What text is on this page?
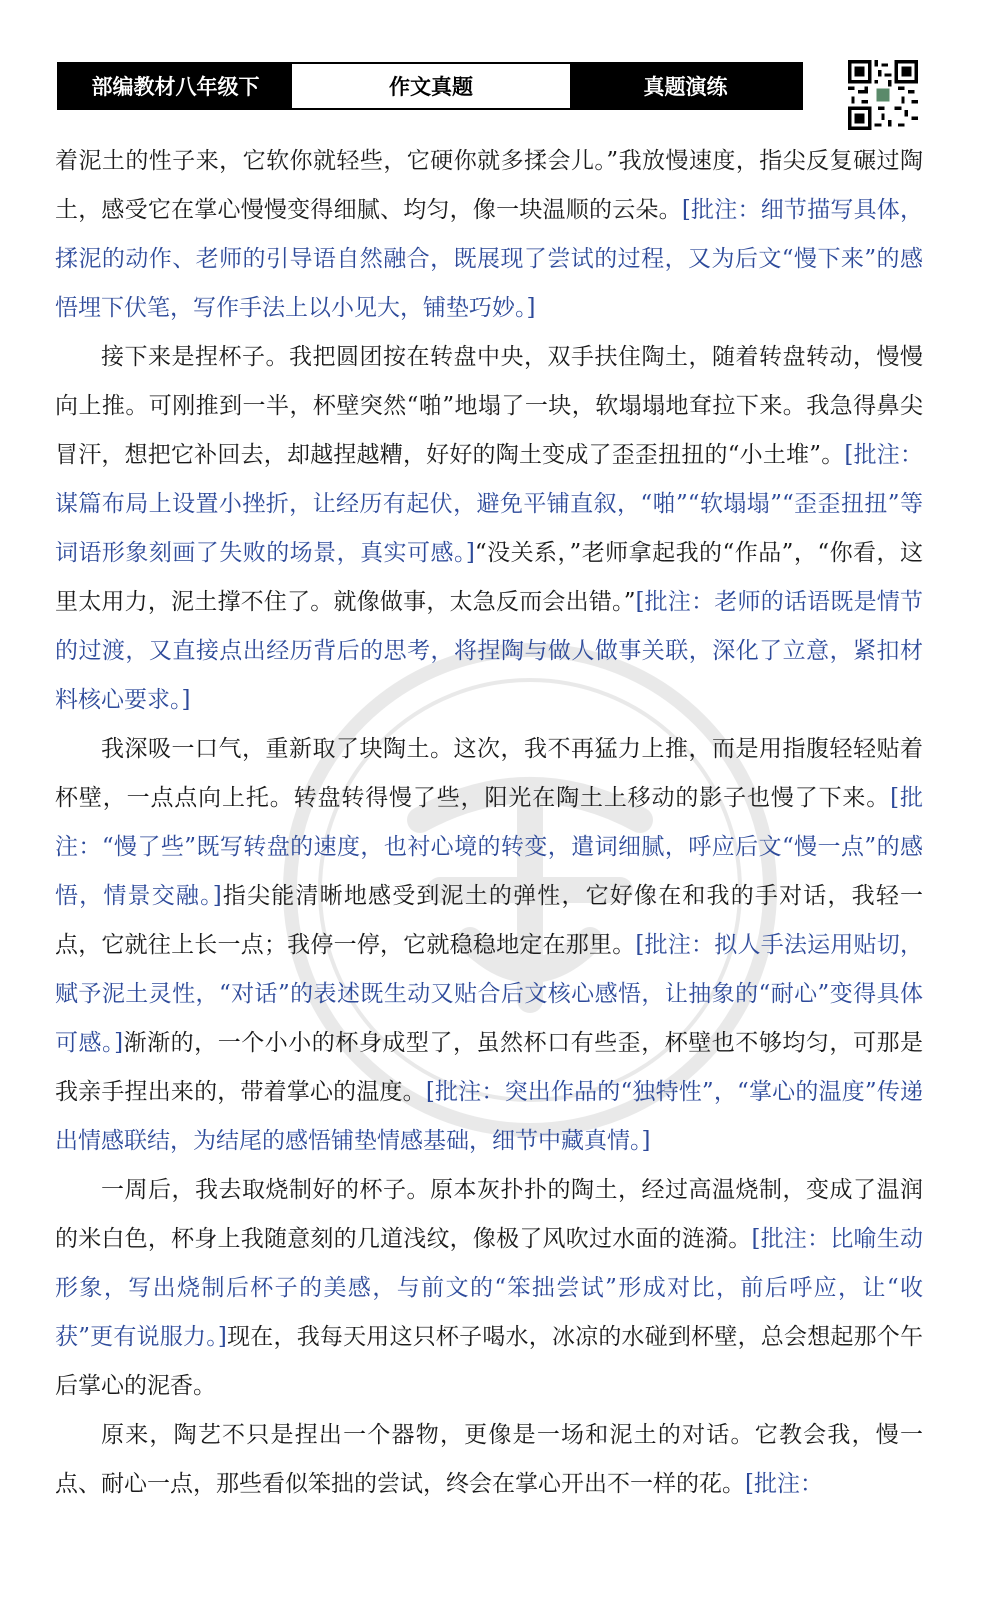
部编教材八年级下	作文真题	真题演练

着泥土的性子来，它软你就轻些，它硬你就多揉会儿。”我放慢速度，指尖反复碾过陶土，感受它在掌心慢慢变得细腻、均匀，像一块温顺的云朵。[批注：细节描写具体，揉泥的动作、老师的引导语自然融合，既展现了尝试的过程，又为后文“慢下来”的感悟埋下伏笔，写作手法上以小见大，铺垫巧妙。]

接下来是捏杯子。我把圆团按在转盘中央，双手扶住陶土，随着转盘转动，慢慢向上推。可刚推到一半，杯壁突然“啪”地塌了一块，软塌塌地耷拉下来。我急得鼻尖冒汗，想把它补回去，却越捏越糟，好好的陶土变成了歪歪扭扭的“小土堆”。[批注：谋篇布局上设置小挫折，让经历有起伏，避免平铺直叙，“啪”“软塌塌”“歪歪扭扭”等词语形象刻画了失败的场景，真实可感。]“没关系，”老师拿起我的“作品”，“你看，这里太用力，泥土撑不住了。就像做事，太急反而会出错。”[批注：老师的话语既是情节的过渡，又直接点出经历背后的思考，将捏陶与做人做事关联，深化了立意，紧扣材料核心要求。]

我深吸一口气，重新取了块陶土。这次，我不再猛力上推，而是用指腹轻轻贴着杯壁，一点点向上托。转盘转得慢了些，阳光在陶土上移动的影子也慢了下来。[批注：“慢了些”既写转盘的速度，也衬心境的转变，遣词细腻，呼应后文“慢一点”的感悟，情景交融。]指尖能清晰地感受到泥土的弹性，它好像在和我的手对话，我轻一点，它就往上长一点；我停一停，它就稳稳地定在那里。[批注：拟人手法运用贴切，赋予泥土灵性，“对话”的表述既生动又贴合后文核心感悟，让抽象的“耐心”变得具体可感。]渐渐的，一个小小的杯身成型了，虽然杯口有些歪，杯壁也不够均匀，可那是我亲手捏出来的，带着掌心的温度。[批注：突出作品的“独特性”，“掌心的温度”传递出情感联结，为结尾的感悟铺垫情感基础，细节中藏真情。]

一周后，我去取烧制好的杯子。原本灰扑扑的陶土，经过高温烧制，变成了温润的米白色，杯身上我随意刻的几道浅纹，像极了风吹过水面的涟漪。[批注：比喻生动形象，写出烧制后杯子的美感，与前文的“笨拙尝试”形成对比，前后呼应，让“收获”更有说服力。]现在，我每天用这只杯子喝水，冰凉的水碰到杯壁，总会想起那个午后掌心的泥香。

原来，陶艺不只是捏出一个器物，更像是一场和泥土的对话。它教会我，慢一点、耐心一点，那些看似笨拙的尝试，终会在掌心开出不一样的花。[批注：
